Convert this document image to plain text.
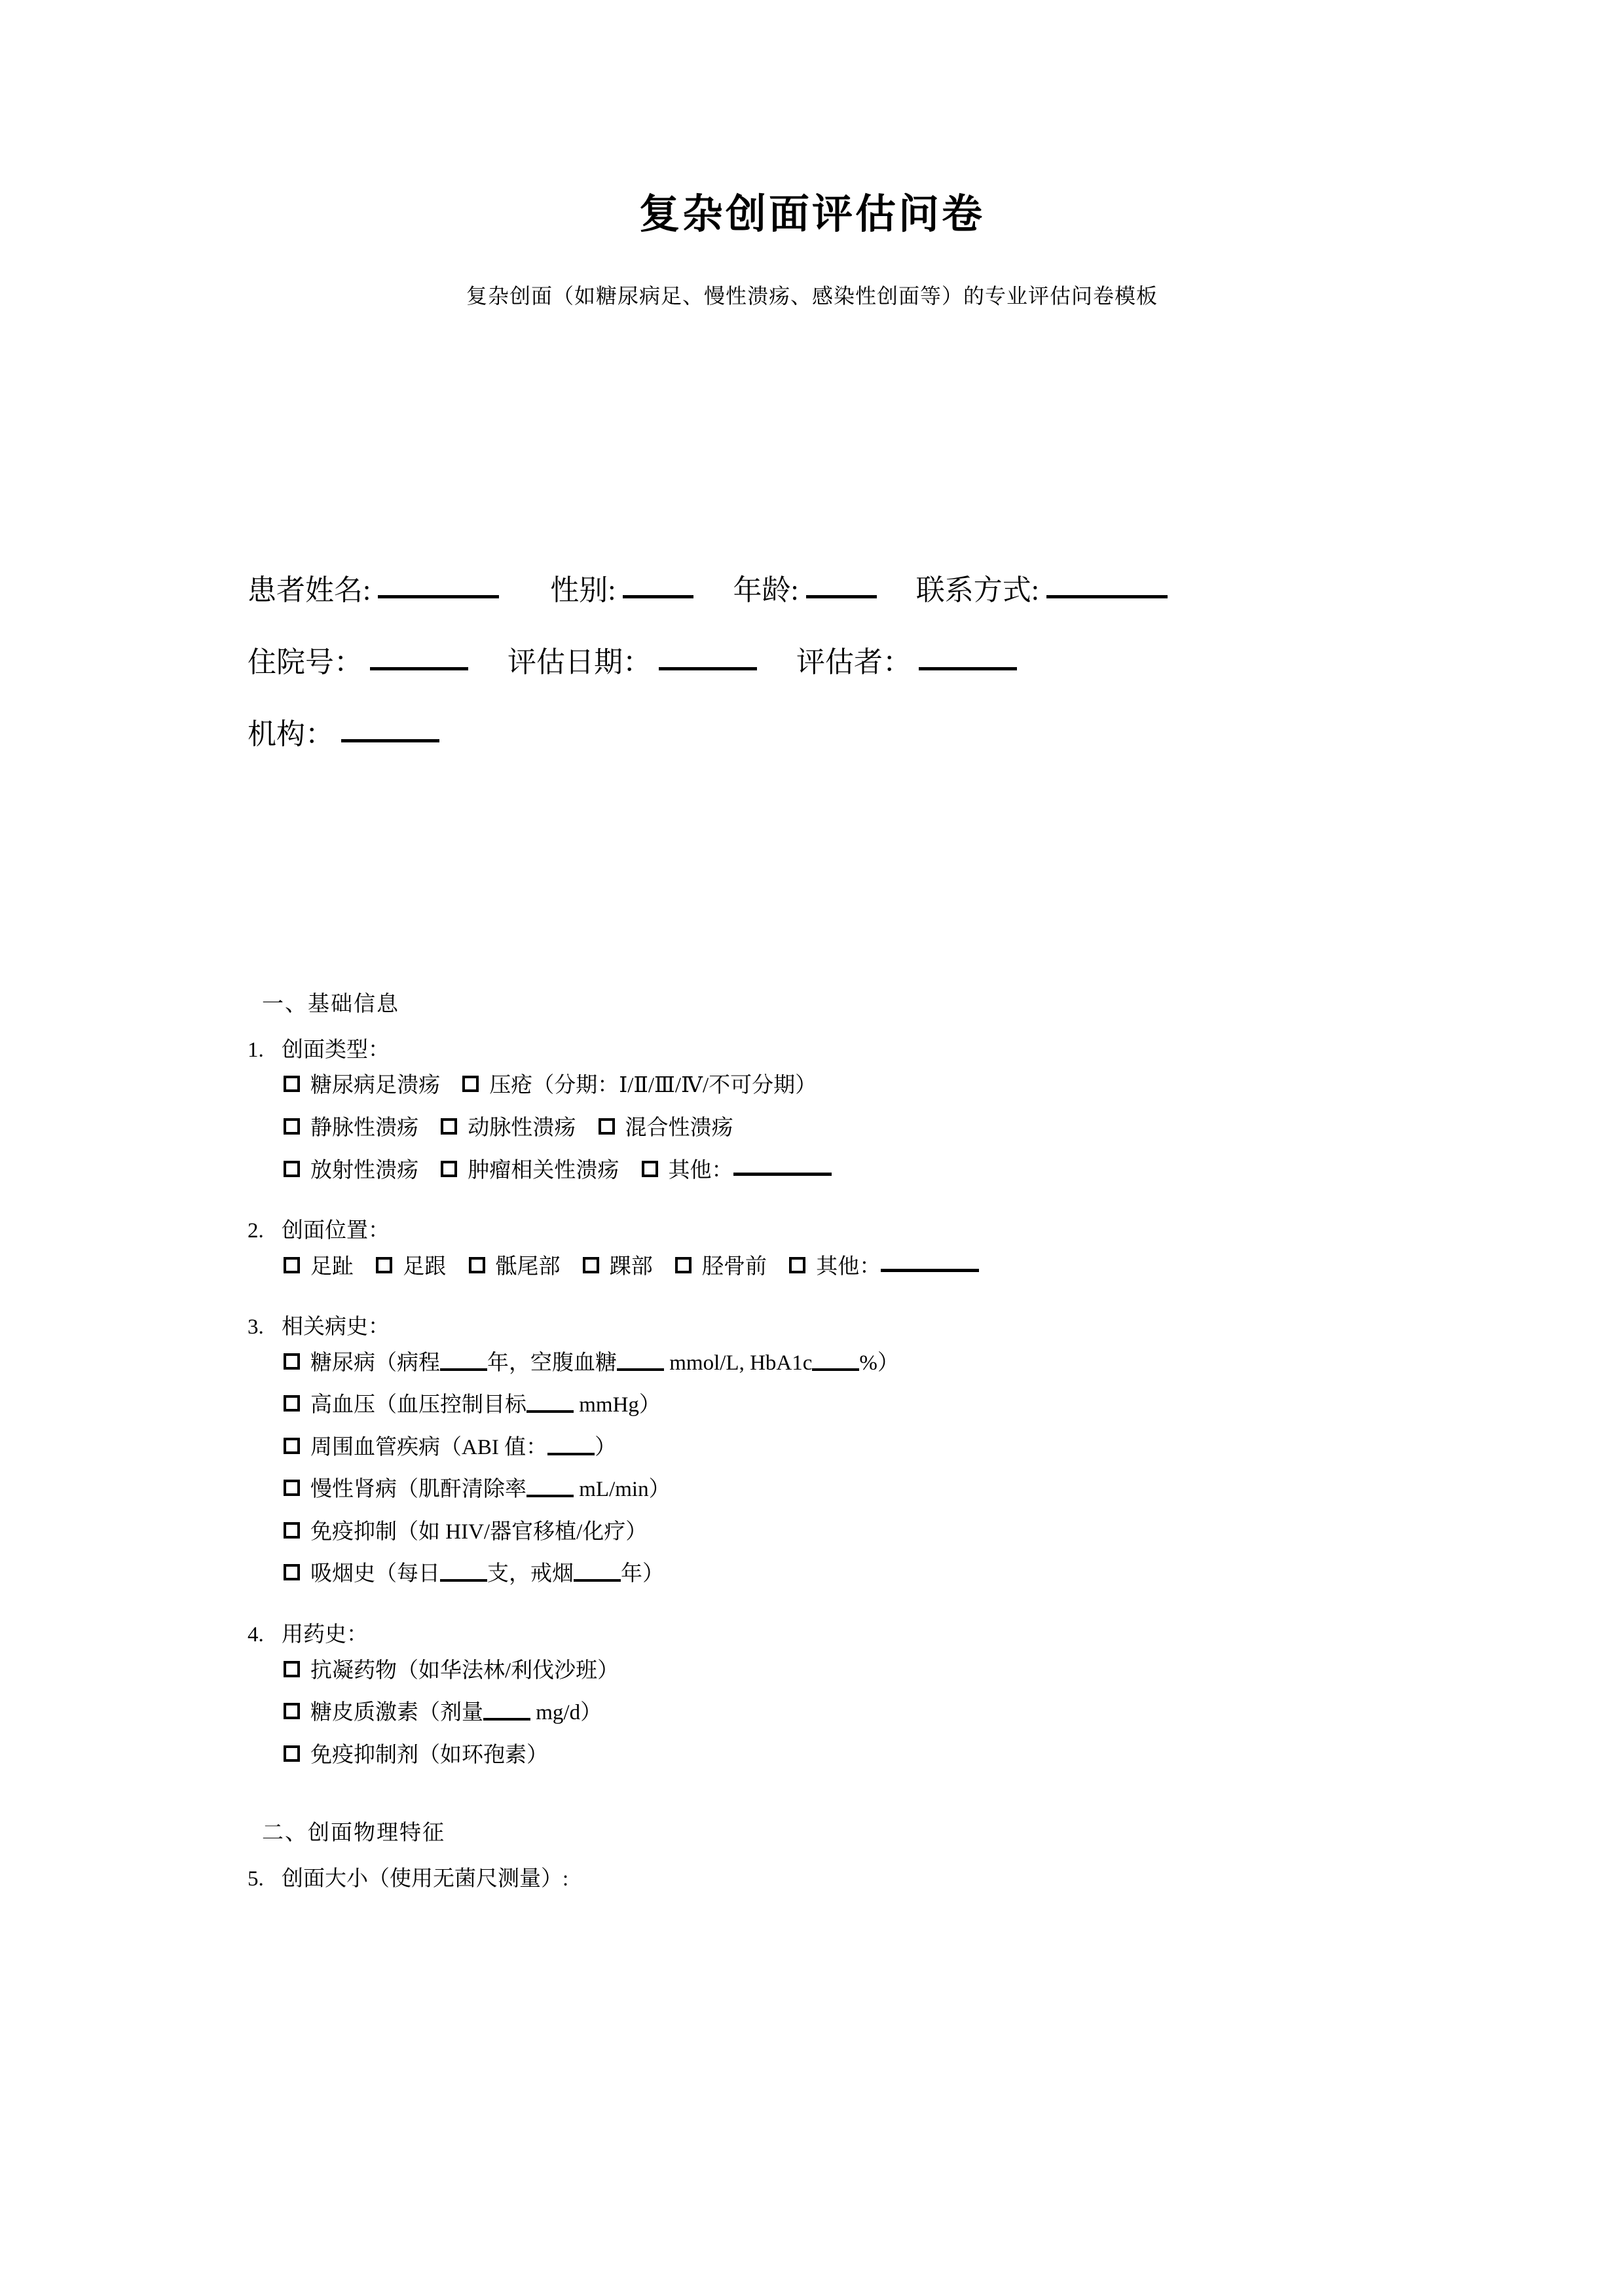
复杂创面评估问卷
复杂创面（如糖尿病足、慢性溃疡、感染性创面等）的专业评估问卷模板
患者姓名:	性别:	年龄:	联系方式:
住院号：	评估日期：	评估者：
机构：
一、基础信息
1. 创面类型：
糖尿病足溃疡 压疮（分期：Ⅰ/Ⅱ/Ⅲ/Ⅳ/不可分期）
静脉性溃疡 动脉性溃疡 混合性溃疡
放射性溃疡 肿瘤相关性溃疡 其他：
2. 创面位置：
足趾 足跟 骶尾部 踝部 胫骨前 其他：
3. 相关病史：
糖尿病（病程 年，空腹血糖 mmol/L, HbA1c %）
高血压（血压控制目标 mmHg）
周围血管疾病（ABI 值： ）
慢性肾病（肌酐清除率 mL/min）
免疫抑制（如 HIV/器官移植/化疗）
吸烟史（每日 支，戒烟 年）
4. 用药史：
抗凝药物（如华法林/利伐沙班）
糖皮质激素（剂量 mg/d）
免疫抑制剂（如环孢素）
二、创面物理特征
5. 创面大小（使用无菌尺测量）:
